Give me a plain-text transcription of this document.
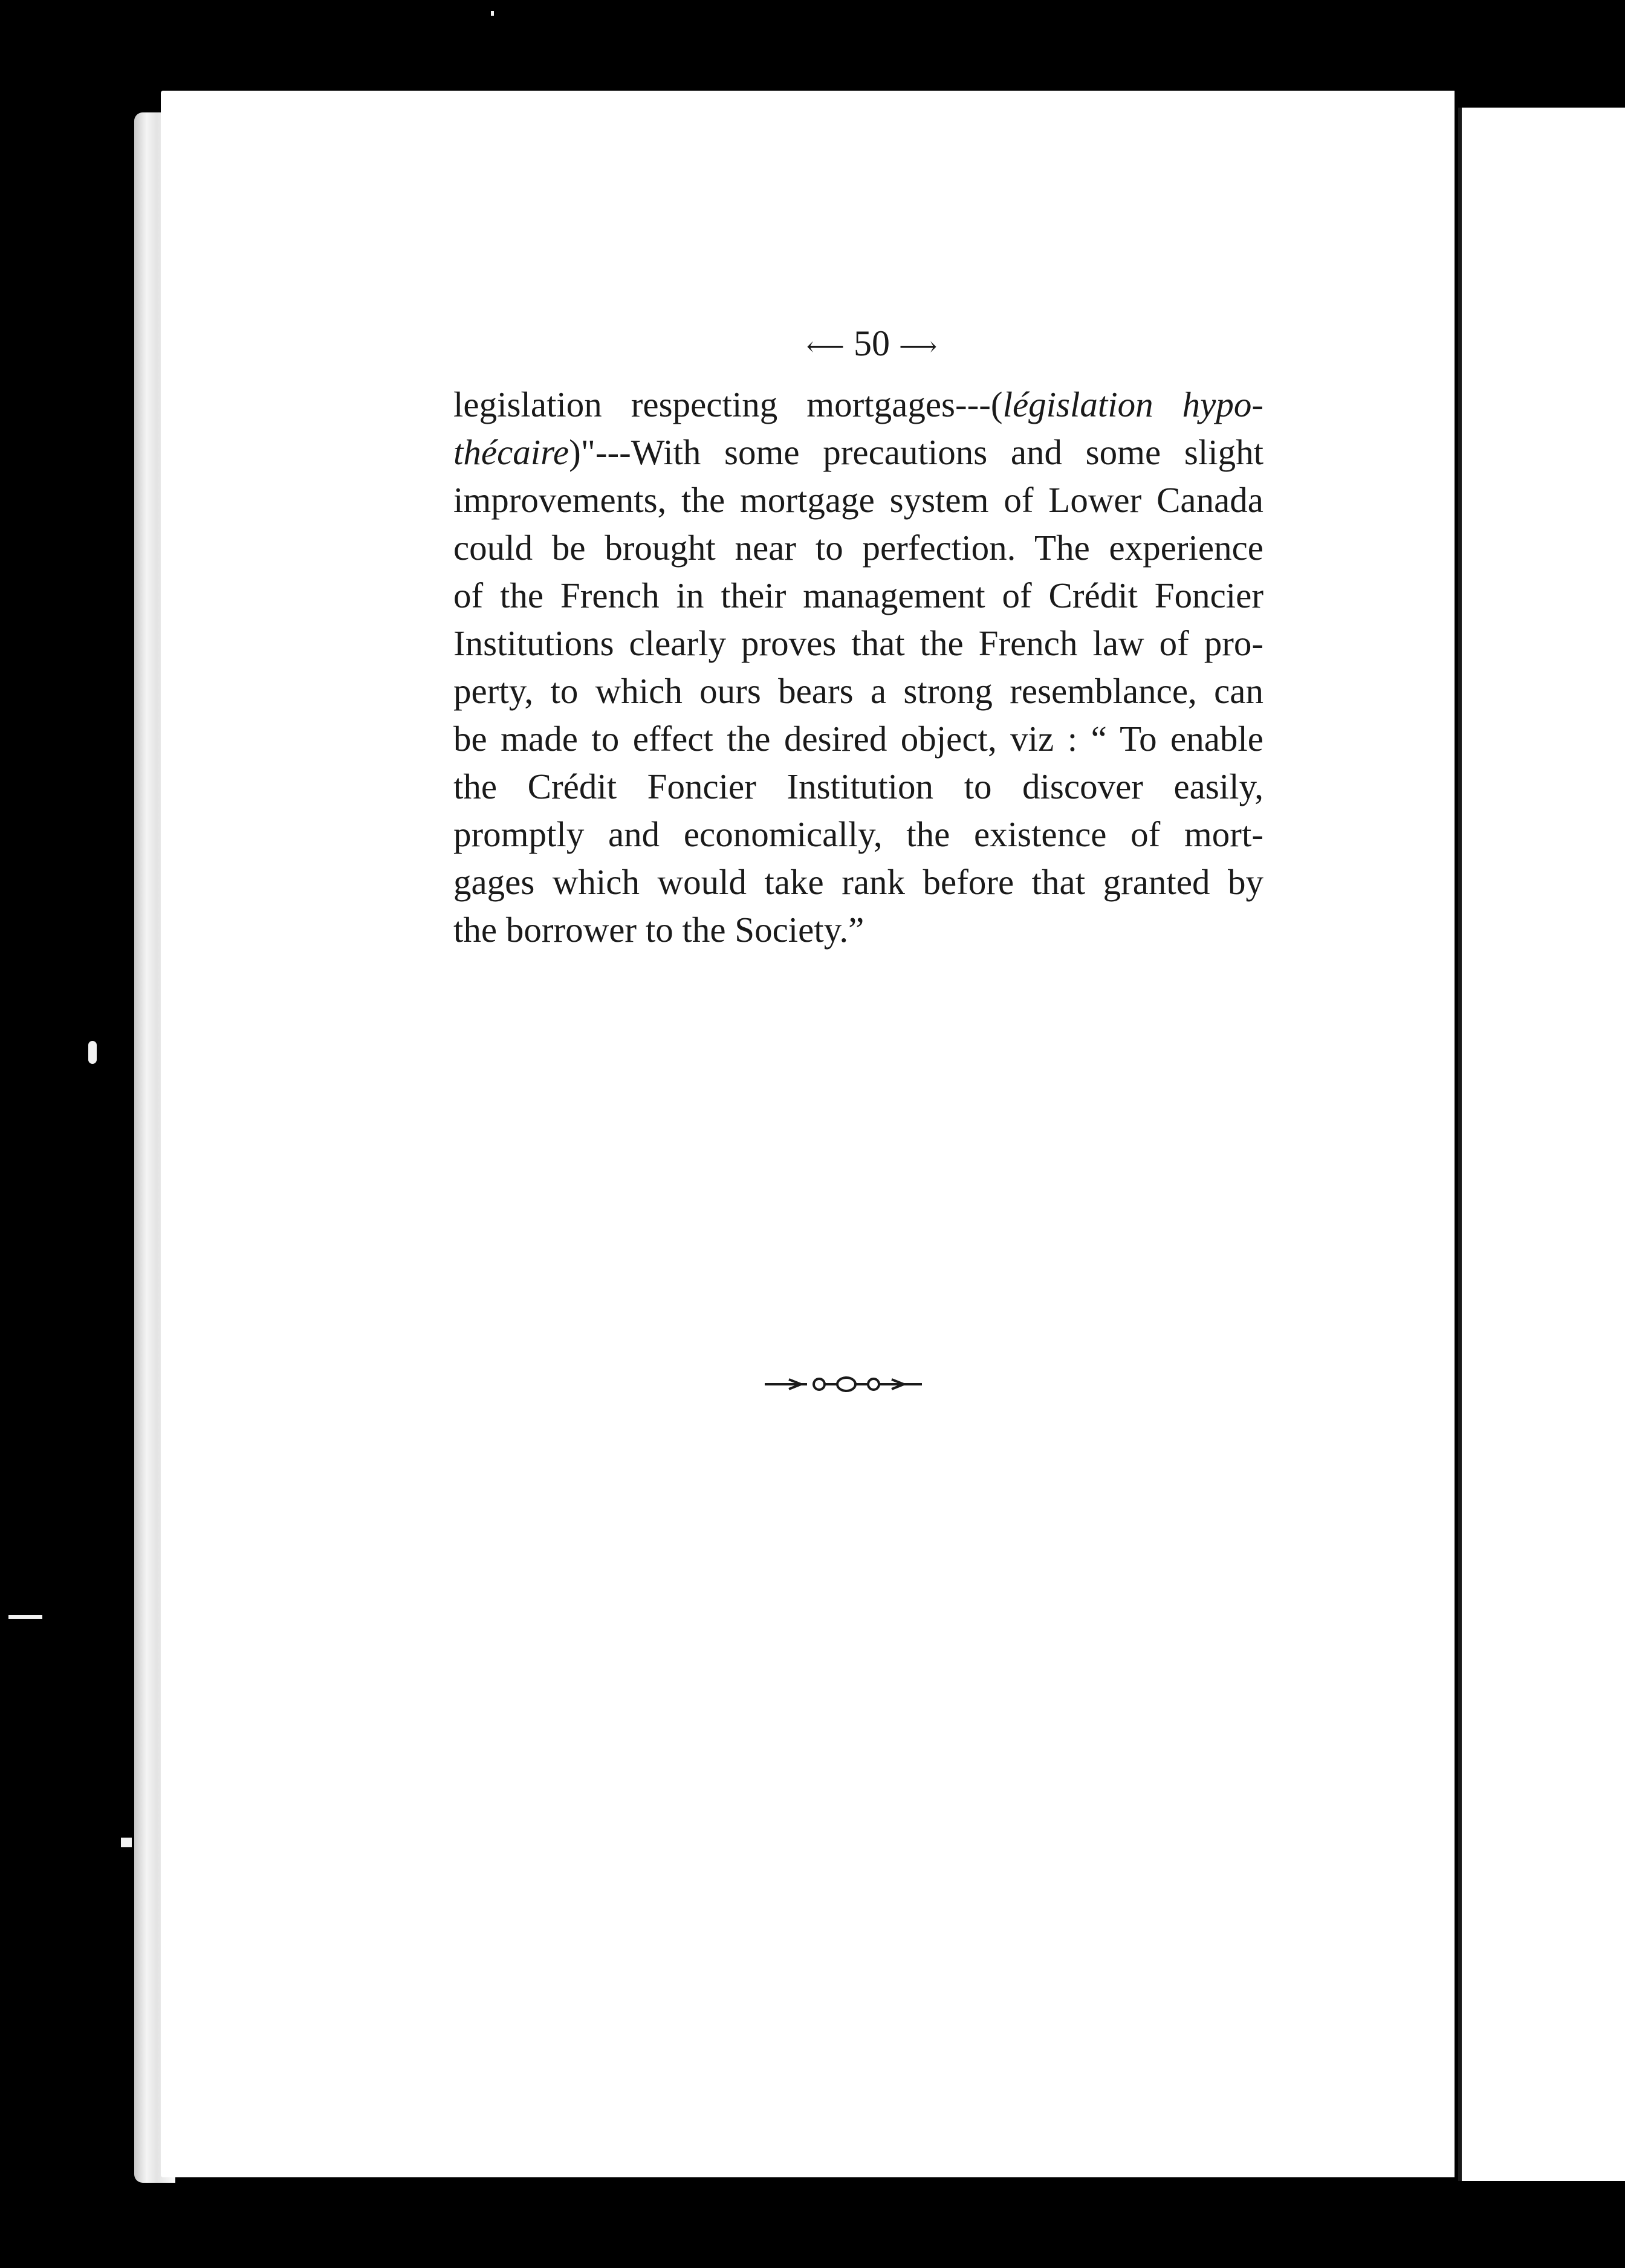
⟵ 50 ⟶
legislation respecting mortgages---(législation hypo-
thécaire)"---With some precautions and some slight
improvements, the mortgage system of Lower Canada
could be brought near to perfection. The experience
of the French in their management of Crédit Foncier
Institutions clearly proves that the French law of pro-
perty, to which ours bears a strong resemblance, can
be made to effect the desired object, viz : “ To enable
the Crédit Foncier Institution to discover easily,
promptly and economically, the existence of mort-
gages which would take rank before that granted by
the borrower to the Society.”
